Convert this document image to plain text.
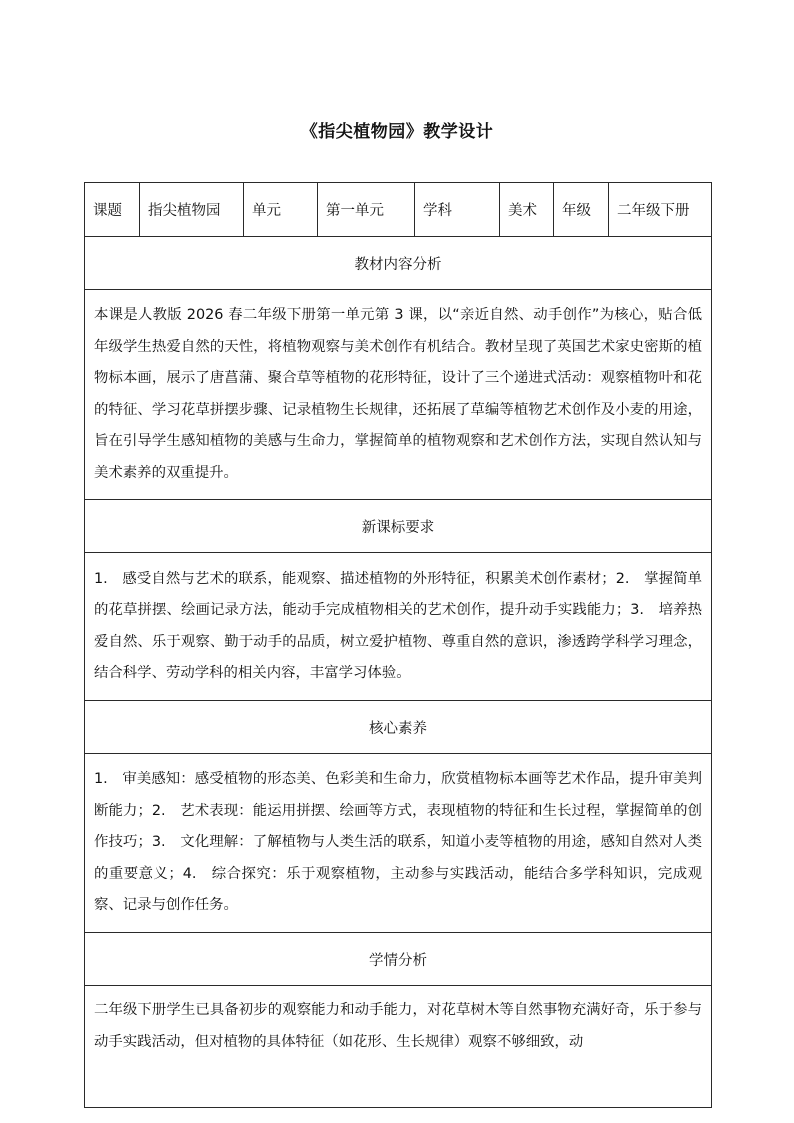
《指尖植物园》教学设计
课题	指尖植物园	单元	第一单元	学科	美术	年级	二年级下册
教材内容分析
本课是人教版 2026 春二年级下册第一单元第 3 课，以“亲近自然、动手创作”为核心，贴合低年级学生热爱自然的天性，将植物观察与美术创作有机结合。教材呈现了英国艺术家史密斯的植物标本画，展示了唐菖蒲、聚合草等植物的花形特征，设计了三个递进式活动：观察植物叶和花的特征、学习花草拼摆步骤、记录植物生长规律，还拓展了草编等植物艺术创作及小麦的用途，旨在引导学生感知植物的美感与生命力，掌握简单的植物观察和艺术创作方法，实现自然认知与美术素养的双重提升。
新课标要求
1.　感受自然与艺术的联系，能观察、描述植物的外形特征，积累美术创作素材；2.　掌握简单的花草拼摆、绘画记录方法，能动手完成植物相关的艺术创作，提升动手实践能力；3.　培养热爱自然、乐于观察、勤于动手的品质，树立爱护植物、尊重自然的意识，渗透跨学科学习理念，结合科学、劳动学科的相关内容，丰富学习体验。
核心素养
1.　审美感知：感受植物的形态美、色彩美和生命力，欣赏植物标本画等艺术作品，提升审美判断能力；2.　艺术表现：能运用拼摆、绘画等方式，表现植物的特征和生长过程，掌握简单的创作技巧；3.　文化理解：了解植物与人类生活的联系，知道小麦等植物的用途，感知自然对人类的重要意义；4.　综合探究：乐于观察植物，主动参与实践活动，能结合多学科知识，完成观察、记录与创作任务。
学情分析

二年级下册学生已具备初步的观察能力和动手能力，对花草树木等自然事物充满好奇，乐于参与动手实践活动，但对植物的具体特征（如花形、生长规律）观察不够细致，动
